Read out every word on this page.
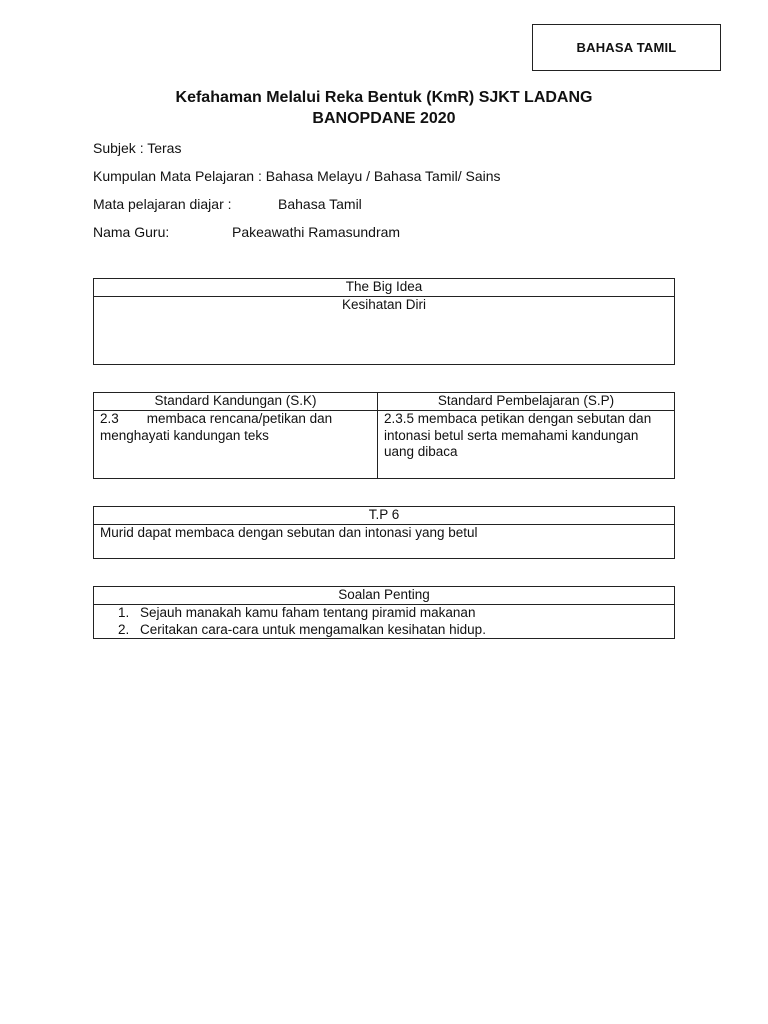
BAHASA TAMIL
Kefahaman Melalui Reka Bentuk (KmR) SJKT LADANG
BANOPDANE 2020
Subjek : Teras
Kumpulan Mata Pelajaran : Bahasa Melayu / Bahasa Tamil/ Sains
Mata pelajaran diajar :	Bahasa Tamil
Nama Guru:	Pakeawathi Ramasundram
The Big Idea
Kesihatan Diri
Standard Kandungan (S.K)	Standard Pembelajaran (S.P)

2.3 membaca rencana/petikan dan
menghayati kandungan teks	2.3.5 membaca petikan dengan sebutan dan intonasi betul serta memahami kandungan uang dibaca
T.P 6
Murid dapat membaca dengan sebutan dan intonasi yang betul
Soalan Penting

1. Sejauh manakah kamu faham tentang piramid makanan
2. Ceritakan cara-cara untuk mengamalkan kesihatan hidup.
